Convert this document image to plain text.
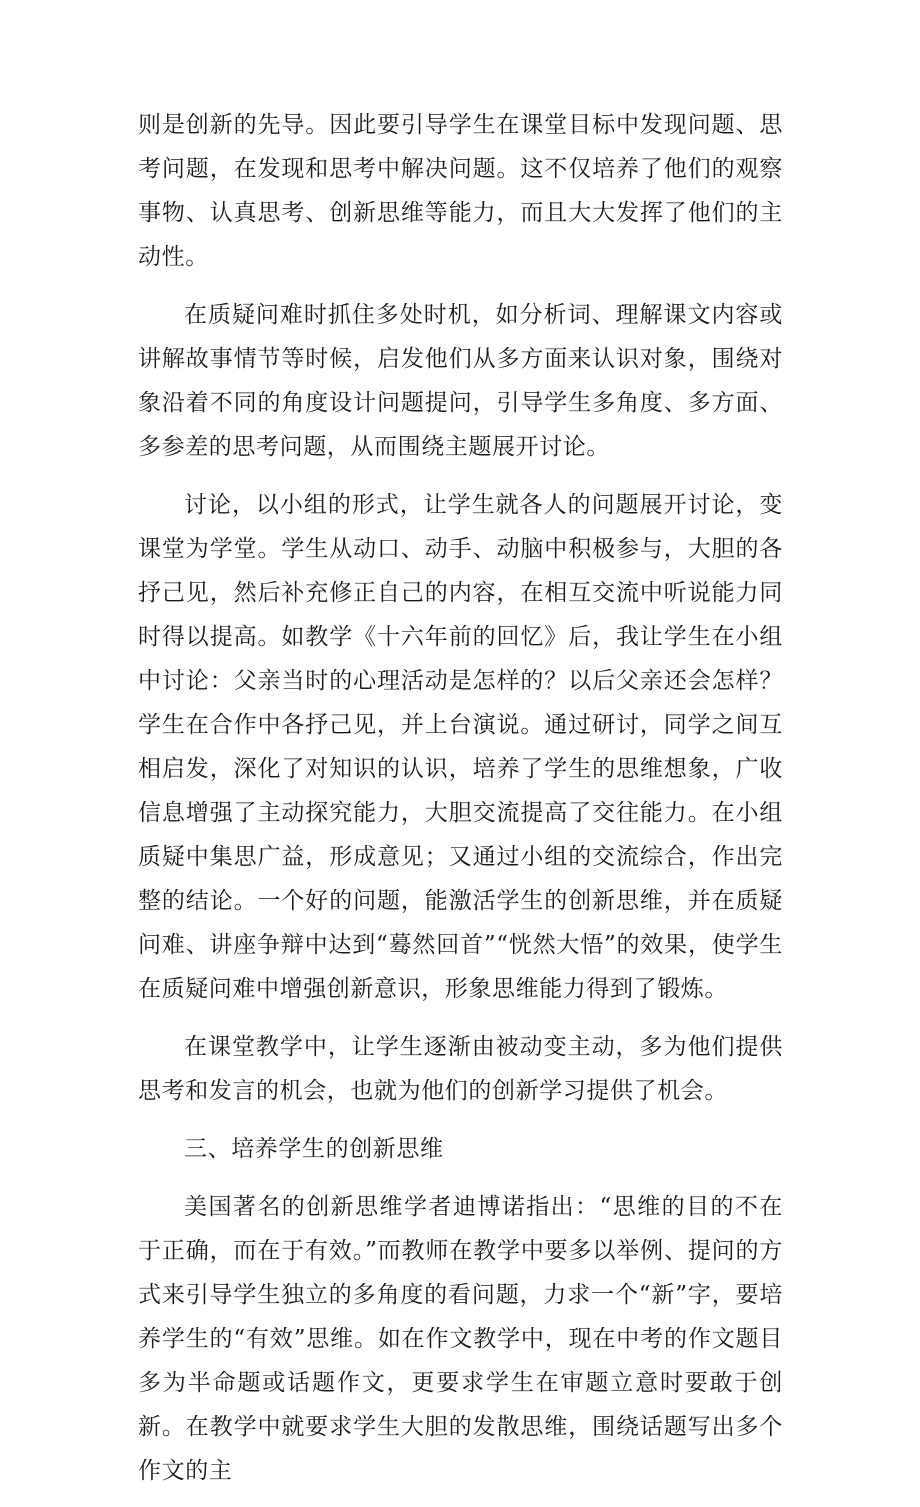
则是创新的先导。因此要引导学生在课堂目标中发现问题、思考问题，在发现和思考中解决问题。这不仅培养了他们的观察事物、认真思考、创新思维等能力，而且大大发挥了他们的主动性。

在质疑问难时抓住多处时机，如分析词、理解课文内容或讲解故事情节等时候，启发他们从多方面来认识对象，围绕对象沿着不同的角度设计问题提问，引导学生多角度、多方面、多参差的思考问题，从而围绕主题展开讨论。

讨论，以小组的形式，让学生就各人的问题展开讨论，变课堂为学堂。学生从动口、动手、动脑中积极参与，大胆的各抒己见，然后补充修正自己的内容，在相互交流中听说能力同时得以提高。如教学《十六年前的回忆》后，我让学生在小组中讨论：父亲当时的心理活动是怎样的？以后父亲还会怎样？学生在合作中各抒己见，并上台演说。通过研讨，同学之间互相启发，深化了对知识的认识，培养了学生的思维想象，广收信息增强了主动探究能力，大胆交流提高了交往能力。在小组质疑中集思广益，形成意见；又通过小组的交流综合，作出完整的结论。一个好的问题，能激活学生的创新思维，并在质疑问难、讲座争辩中达到“蓦然回首”“恍然大悟”的效果，使学生在质疑问难中增强创新意识，形象思维能力得到了锻炼。

在课堂教学中，让学生逐渐由被动变主动，多为他们提供思考和发言的机会，也就为他们的创新学习提供了机会。

三、培养学生的创新思维

美国著名的创新思维学者迪博诺指出：“思维的目的不在于正确，而在于有效。”而教师在教学中要多以举例、提问的方式来引导学生独立的多角度的看问题，力求一个“新”字，要培养学生的“有效”思维。如在作文教学中，现在中考的作文题目多为半命题或话题作文，更要求学生在审题立意时要敢于创新。在教学中就要求学生大胆的发散思维，围绕话题写出多个作文的主
